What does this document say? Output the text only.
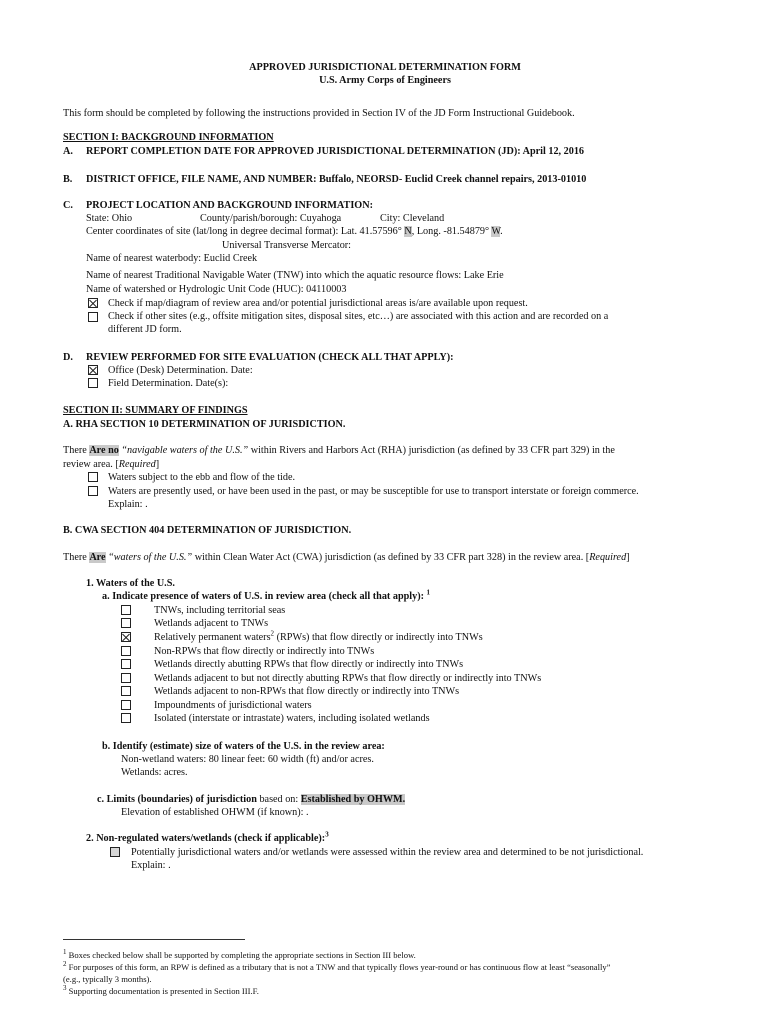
APPROVED JURISDICTIONAL DETERMINATION FORM
U.S. Army Corps of Engineers
This form should be completed by following the instructions provided in Section IV of the JD Form Instructional Guidebook.
SECTION I: BACKGROUND INFORMATION
A. REPORT COMPLETION DATE FOR APPROVED JURISDICTIONAL DETERMINATION (JD): April 12, 2016
B. DISTRICT OFFICE, FILE NAME, AND NUMBER: Buffalo, NEORSD- Euclid Creek channel repairs, 2013-01010
C. PROJECT LOCATION AND BACKGROUND INFORMATION:
State: Ohio	County/parish/borough: Cuyahoga	City: Cleveland
Center coordinates of site (lat/long in degree decimal format): Lat. 41.57596° N, Long. -81.54879° W.
Universal Transverse Mercator:
Name of nearest waterbody: Euclid Creek
Name of nearest Traditional Navigable Water (TNW) into which the aquatic resource flows: Lake Erie
Name of watershed or Hydrologic Unit Code (HUC): 04110003
Check if map/diagram of review area and/or potential jurisdictional areas is/are available upon request.
Check if other sites (e.g., offsite mitigation sites, disposal sites, etc…) are associated with this action and are recorded on a
different JD form.
D. REVIEW PERFORMED FOR SITE EVALUATION (CHECK ALL THAT APPLY):
Office (Desk) Determination. Date:
Field Determination. Date(s):
SECTION II: SUMMARY OF FINDINGS
A. RHA SECTION 10 DETERMINATION OF JURISDICTION.
There Are no “navigable waters of the U.S.” within Rivers and Harbors Act (RHA) jurisdiction (as defined by 33 CFR part 329) in the
review area. [Required]
Waters subject to the ebb and flow of the tide.
Waters are presently used, or have been used in the past, or may be susceptible for use to transport interstate or foreign commerce.
Explain: .
B. CWA SECTION 404 DETERMINATION OF JURISDICTION.
There Are “waters of the U.S.” within Clean Water Act (CWA) jurisdiction (as defined by 33 CFR part 328) in the review area. [Required]
1. Waters of the U.S.
a. Indicate presence of waters of U.S. in review area (check all that apply): $^1$
TNWs, including territorial seas
Wetlands adjacent to TNWs
Relatively permanent waters$^2$ (RPWs) that flow directly or indirectly into TNWs
Non-RPWs that flow directly or indirectly into TNWs
Wetlands directly abutting RPWs that flow directly or indirectly into TNWs
Wetlands adjacent to but not directly abutting RPWs that flow directly or indirectly into TNWs
Wetlands adjacent to non-RPWs that flow directly or indirectly into TNWs
Impoundments of jurisdictional waters
Isolated (interstate or intrastate) waters, including isolated wetlands
b. Identify (estimate) size of waters of the U.S. in the review area:
Non-wetland waters: 80 linear feet: 60 width (ft) and/or acres.
Wetlands: acres.
c. Limits (boundaries) of jurisdiction based on: Established by OHWM.
Elevation of established OHWM (if known): .
2. Non-regulated waters/wetlands (check if applicable):$^3$
Potentially jurisdictional waters and/or wetlands were assessed within the review area and determined to be not jurisdictional.
Explain: .
$^1$ Boxes checked below shall be supported by completing the appropriate sections in Section III below.
$^2$ For purposes of this form, an RPW is defined as a tributary that is not a TNW and that typically flows year-round or has continuous flow at least “seasonally”
(e.g., typically 3 months).
$^3$ Supporting documentation is presented in Section III.F.
